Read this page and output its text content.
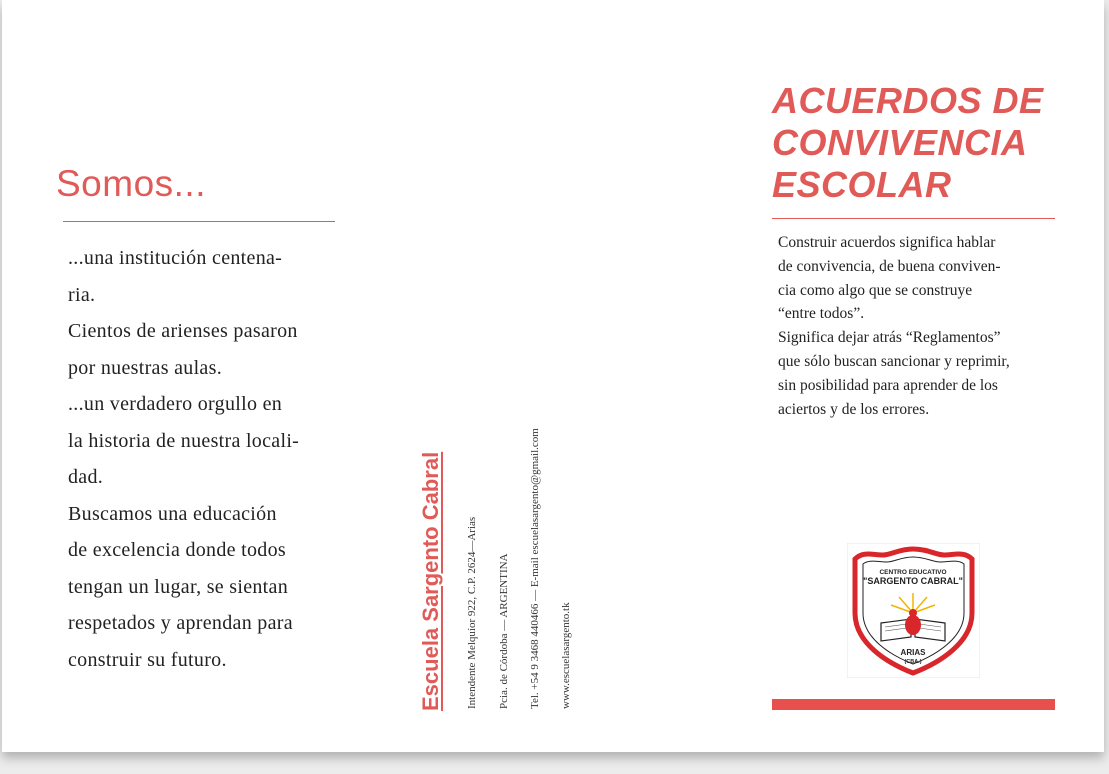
Somos...
...una institución centena-
ria.
Cientos de arienses pasaron
por nuestras aulas.
...un verdadero orgullo en
la historia de nuestra locali-
dad.
Buscamos una educación
de excelencia donde todos
tengan un lugar, se sientan
respetados y aprendan para
construir su futuro.	Escuela Sargento Cabral Intendente Melquíor 922, C.P. 2624—Arias Pcia. de Córdoba — ARGENTINA Tel. +54 9 3468 440466 — E-mail escuelasargento@gmail.com www.escuelasargento.tk
ACUERDOS DE
CONVIVENCIA
ESCOLAR
Construir acuerdos significa hablar
de convivencia, de buena conviven-
cia como algo que se construye
“entre todos”.
Significa dejar atrás “Reglamentos”
que sólo buscan sancionar y reprimir,
sin posibilidad para aprender de los
aciertos y de los errores.
CENTRO EDUCATIVO
"SARGENTO CABRAL"
ARIAS
(CBA.)
